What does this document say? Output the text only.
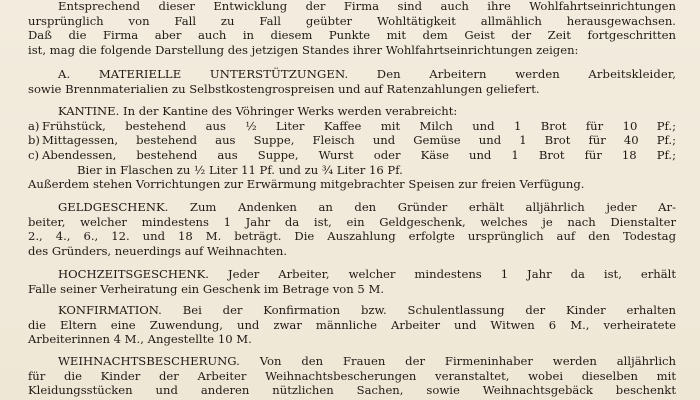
Entsprechend dieser Entwicklung der Firma sind auch ihre Wohlfahrtseinrichtungen
ursprünglich von Fall zu Fall geübter Wohltätigkeit allmählich herausgewachsen.
Daß die Firma aber auch in diesem Punkte mit dem Geist der Zeit fortgeschritten
ist, mag die folgende Darstellung des jetzigen Standes ihrer Wohlfahrtseinrichtungen zeigen:
A. MATERIELLE UNTERSTÜTZUNGEN. Den Arbeitern werden Arbeitskleider,
sowie Brennmaterialien zu Selbstkostengrospreisen und auf Ratenzahlungen geliefert.
KANTINE. In der Kantine des Vöhringer Werks werden verabreicht:
a) Frühstück, bestehend aus ½ Liter Kaffee mit Milch und 1 Brot für 10 Pf.;
b) Mittagessen, bestehend aus Suppe, Fleisch und Gemüse und 1 Brot für 40 Pf.;
c) Abendessen, bestehend aus Suppe, Wurst oder Käse und 1 Brot für 18 Pf.;
Bier in Flaschen zu ½ Liter 11 Pf. und zu ¾ Liter 16 Pf.
Außerdem stehen Vorrichtungen zur Erwärmung mitgebrachter Speisen zur freien Verfügung.
GELDGESCHENK. Zum Andenken an den Gründer erhält alljährlich jeder Ar-
beiter, welcher mindestens 1 Jahr da ist, ein Geldgeschenk, welches je nach Dienstalter
2., 4., 6., 12. und 18 M. beträgt. Die Auszahlung erfolgte ursprünglich auf den Todestag
des Gründers, neuerdings auf Weihnachten.
HOCHZEITSGESCHENK. Jeder Arbeiter, welcher mindestens 1 Jahr da ist, erhält
Falle seiner Verheiratung ein Geschenk im Betrage von 5 M.
KONFIRMATION. Bei der Konfirmation bzw. Schulentlassung der Kinder erhalten
die Eltern eine Zuwendung, und zwar männliche Arbeiter und Witwen 6 M., verheiratete
Arbeiterinnen 4 M., Angestellte 10 M.
WEIHNACHTSBESCHERUNG. Von den Frauen der Firmeninhaber werden alljährlich
für die Kinder der Arbeiter Weihnachtsbescherungen veranstaltet, wobei dieselben mit
Kleidungsstücken und anderen nützlichen Sachen, sowie Weihnachtsgebäck beschenkt
